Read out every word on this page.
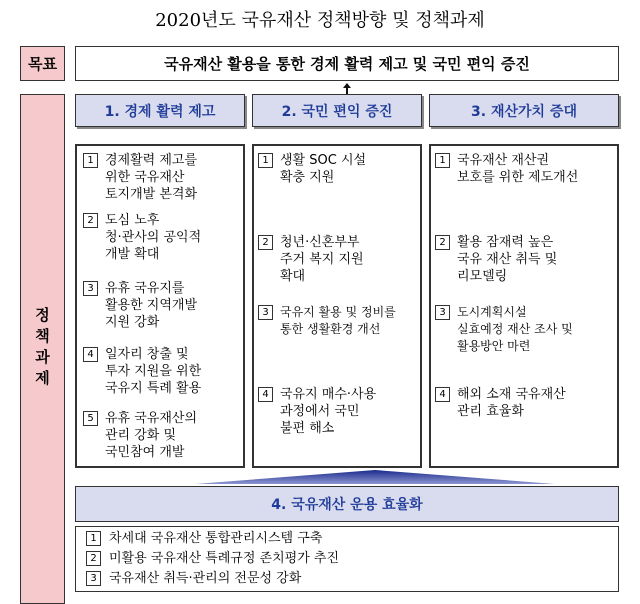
2020년도 국유재산 정책방향 및 정책과제
목표	국유재산 활용을 통한 경제 활력 제고 및 국민 편익 증진
정책과제
1. 경제 활력 제고	2. 국민 편익 증진	3. 재산가치 증대
1 경제활력 제고를
위한 국유재산
토지개발 본격화
2 도심 노후
청·관사의 공익적
개발 확대
3 유휴 국유지를
활용한 지역개발
지원 강화
4 일자리 창출 및
투자 지원을 위한
국유지 특례 활용
5 유휴 국유재산의
관리 강화 및
국민참여 개발
1 생활 SOC 시설
확충 지원
2 청년·신혼부부
주거 복지 지원
확대
3 국유지 활용 및 정비를
통한 생활환경 개선
4 국유지 매수·사용
과정에서 국민
불편 해소
1 국유재산 재산권
보호를 위한 제도개선
2 활용 잠재력 높은
국유 재산 취득 및
리모델링
3 도시계획시설
실효예정 재산 조사 및
활용방안 마련
4 해외 소재 국유재산
관리 효율화
4. 국유재산 운용 효율화
1 차세대 국유재산 통합관리시스템 구축
2 미활용 국유재산 특례규정 존치평가 추진
3 국유재산 취득·관리의 전문성 강화
